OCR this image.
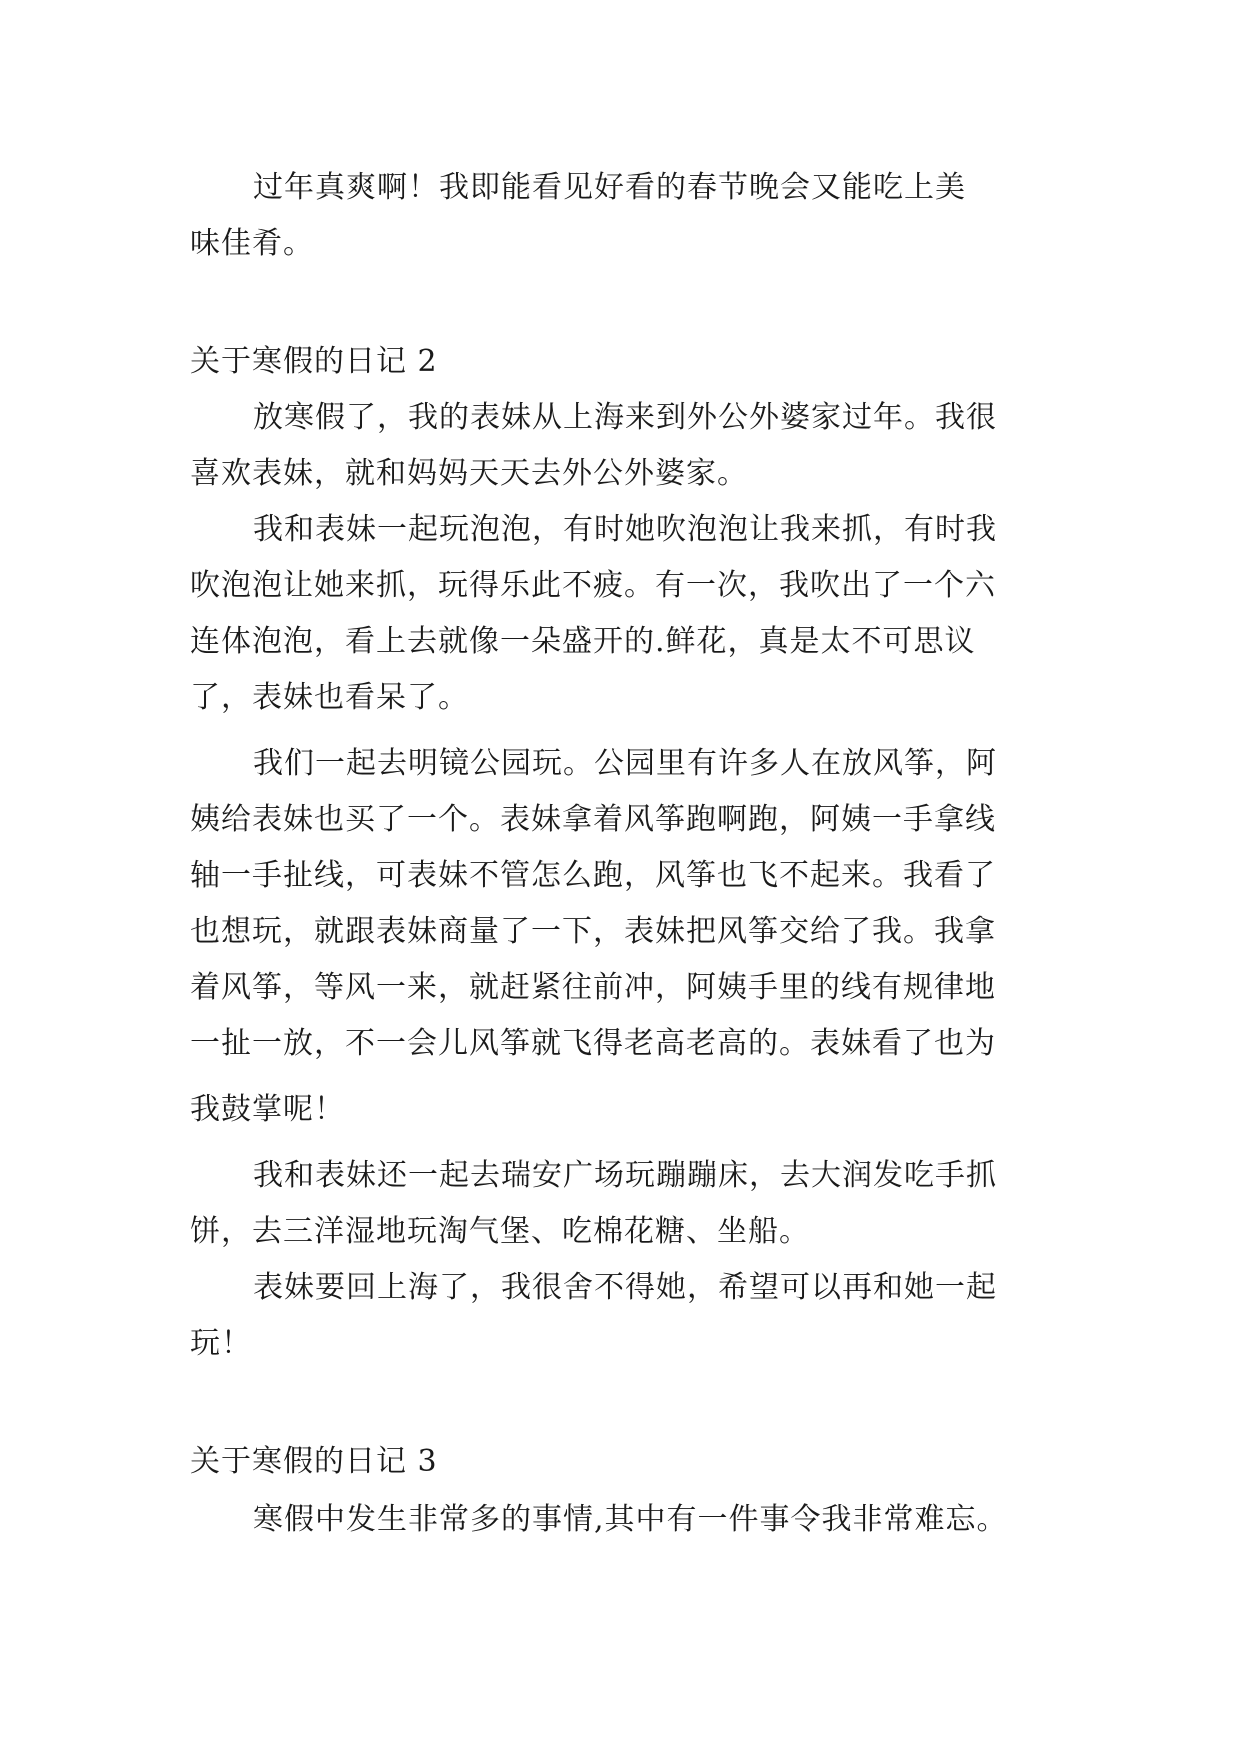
过年真爽啊！我即能看见好看的春节晚会又能吃上美
味佳肴。
关于寒假的日记 2
放寒假了，我的表妹从上海来到外公外婆家过年。我很
喜欢表妹，就和妈妈天天去外公外婆家。
我和表妹一起玩泡泡，有时她吹泡泡让我来抓，有时我
吹泡泡让她来抓，玩得乐此不疲。有一次，我吹出了一个六
连体泡泡，看上去就像一朵盛开的.鲜花，真是太不可思议
了，表妹也看呆了。
我们一起去明镜公园玩。公园里有许多人在放风筝，阿
姨给表妹也买了一个。表妹拿着风筝跑啊跑，阿姨一手拿线
轴一手扯线，可表妹不管怎么跑，风筝也飞不起来。我看了
也想玩，就跟表妹商量了一下，表妹把风筝交给了我。我拿
着风筝，等风一来，就赶紧往前冲，阿姨手里的线有规律地
一扯一放，不一会儿风筝就飞得老高老高的。表妹看了也为
我鼓掌呢！
我和表妹还一起去瑞安广场玩蹦蹦床，去大润发吃手抓
饼，去三洋湿地玩淘气堡、吃棉花糖、坐船。
表妹要回上海了，我很舍不得她，希望可以再和她一起
玩！
关于寒假的日记 3
寒假中发生非常多的事情,其中有一件事令我非常难忘。
